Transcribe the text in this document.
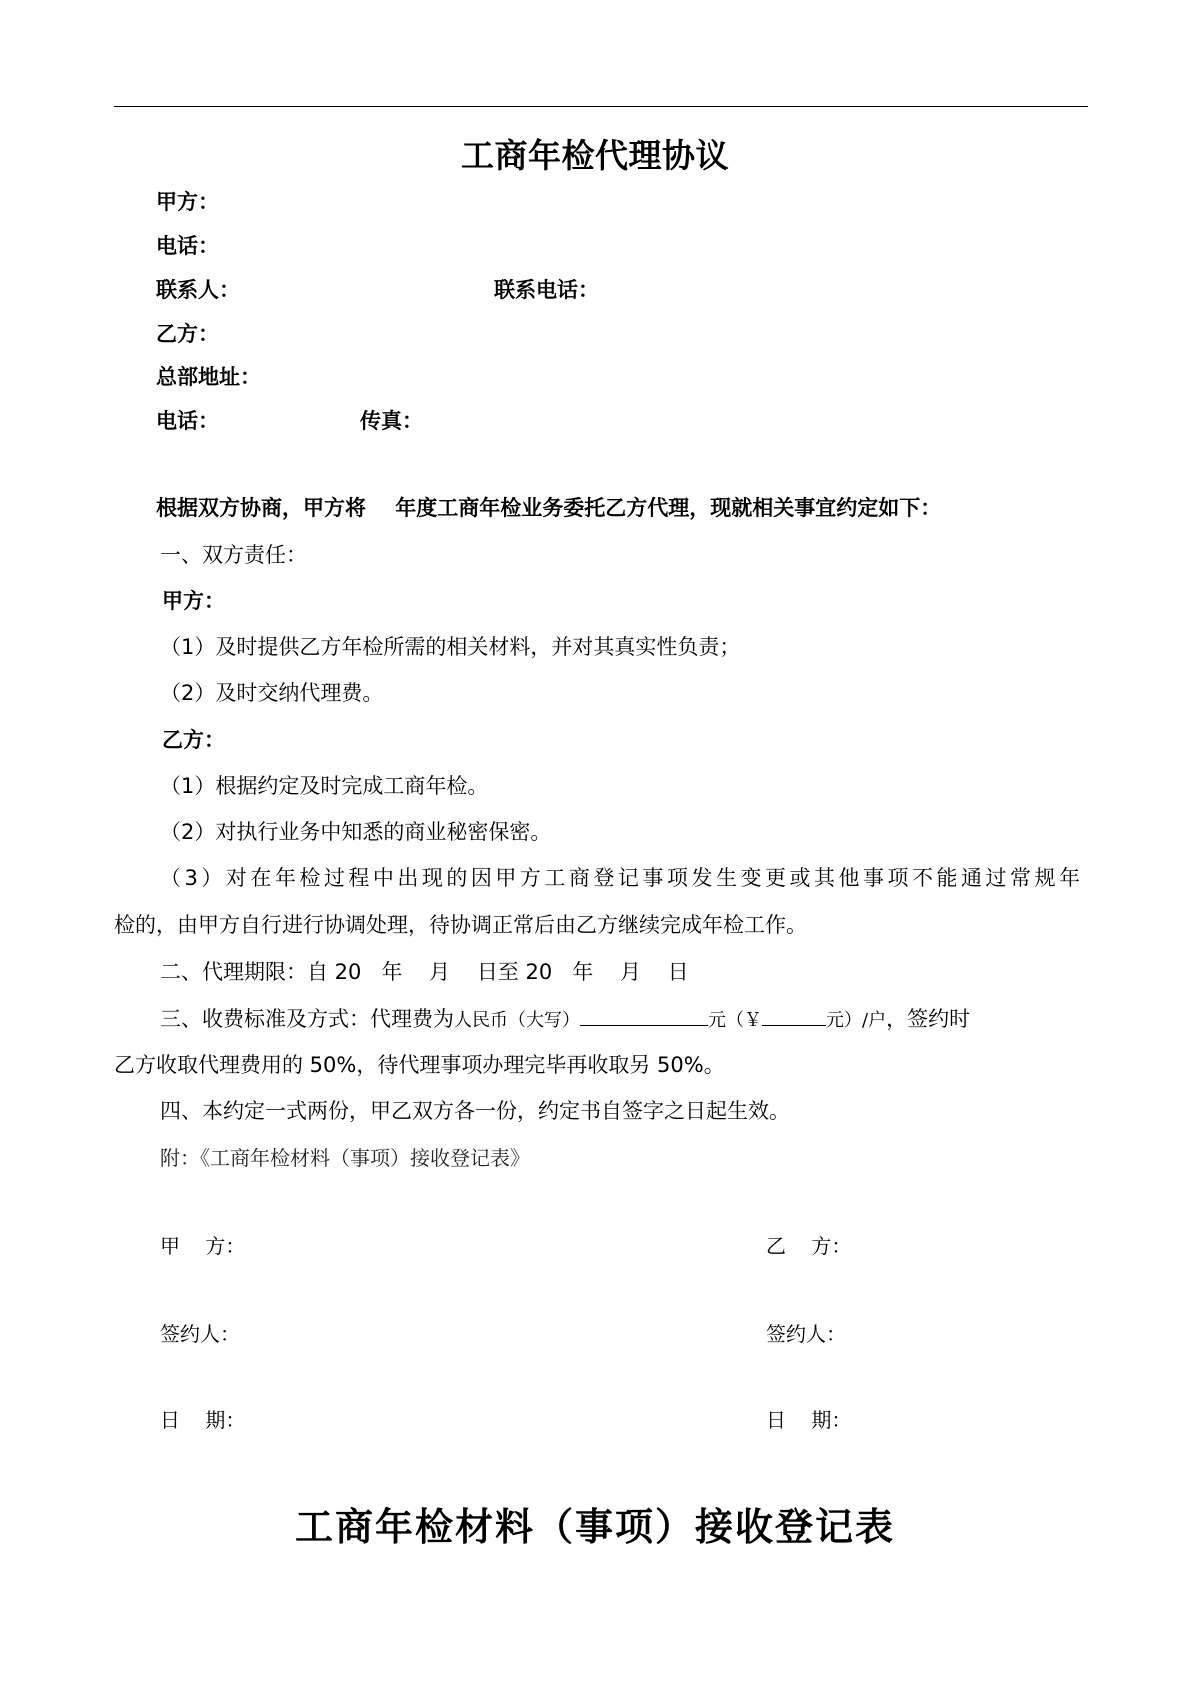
工商年检代理协议
甲方：
电话：
联系人：	联系电话：
乙方：
总部地址：
电话：	传真：
根据双方协商，甲方将    年度工商年检业务委托乙方代理，现就相关事宜约定如下：
一、双方责任：
甲方：
（1）及时提供乙方年检所需的相关材料，并对其真实性负责；
（2）及时交纳代理费。
乙方：
（1）根据约定及时完成工商年检。
（2）对执行业务中知悉的商业秘密保密。
（3）对在年检过程中出现的因甲方工商登记事项发生变更或其他事项不能通过常规年
检的，由甲方自行进行协调处理，待协调正常后由乙方继续完成年检工作。
二、代理期限：自 20   年    月    日至 20   年    月    日
三、收费标准及方式：代理费为人民币（大写）	元（￥	元）/户，签约时
乙方收取代理费用的 50%，待代理事项办理完毕再收取另 50%。
四、本约定一式两份，甲乙双方各一份，约定书自签字之日起生效。
附：《工商年检材料（事项）接收登记表》
甲    方：	乙    方：
签约人：	签约人：
日    期：	日    期：
工商年检材料（事项）接收登记表
